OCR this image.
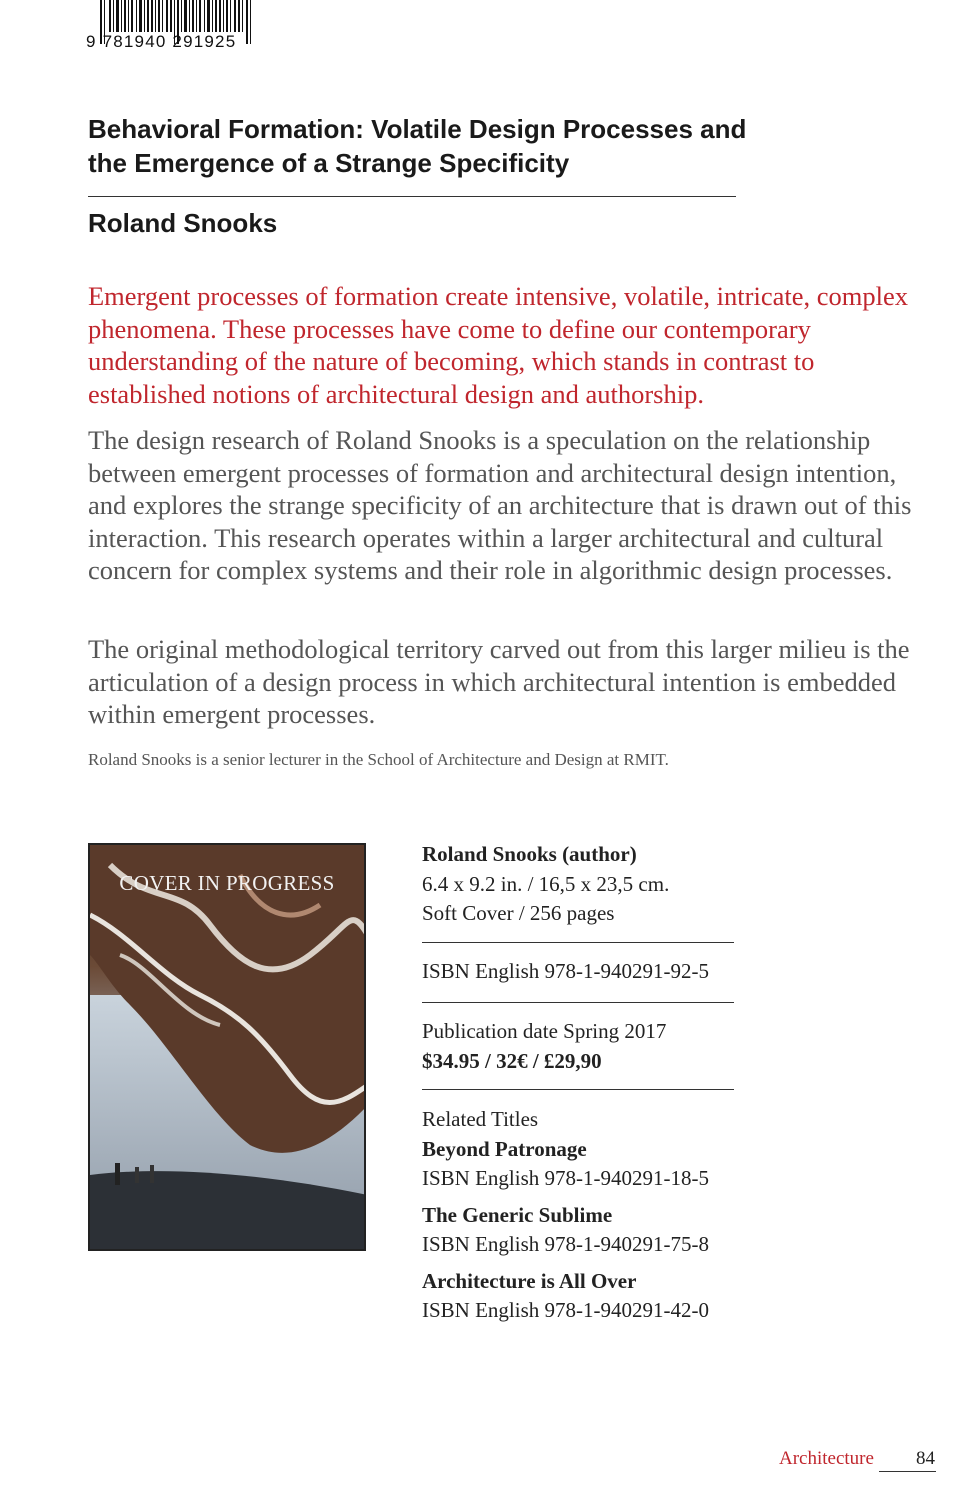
9 781940 291925
Behavioral Formation: Volatile Design Processes and the Emergence of a Strange Specificity
Roland Snooks

Emergent processes of formation create intensive, volatile, intricate, complex phenomena. These processes have come to define our contemporary understanding of the nature of becoming, which stands in contrast to established notions of architectural design and authorship.

The design research of Roland Snooks is a speculation on the relationship between emergent processes of formation and architectural design intention, and explores the strange specificity of an architecture that is drawn out of this interaction. This research operates within a larger architectural and cultural concern for complex systems and their role in algorithmic design processes.

The original methodological territory carved out from this larger milieu is the articulation of a design process in which architectural intention is embedded within emergent processes.

Roland Snooks is a senior lecturer in the School of Architecture and Design at RMIT.

COVER IN PROGRESS
Roland Snooks (author)
6.4 x 9.2 in. / 16,5 x 23,5 cm.
Soft Cover / 256 pages
ISBN English 978-1-940291-92-5
Publication date Spring 2017
$34.95 / 32€ / £29,90
Related Titles
Beyond Patronage
ISBN English 978-1-940291-18-5
The Generic Sublime
ISBN English 978-1-940291-75-8
Architecture is All Over
ISBN English 978-1-940291-42-0
Architecture 84
